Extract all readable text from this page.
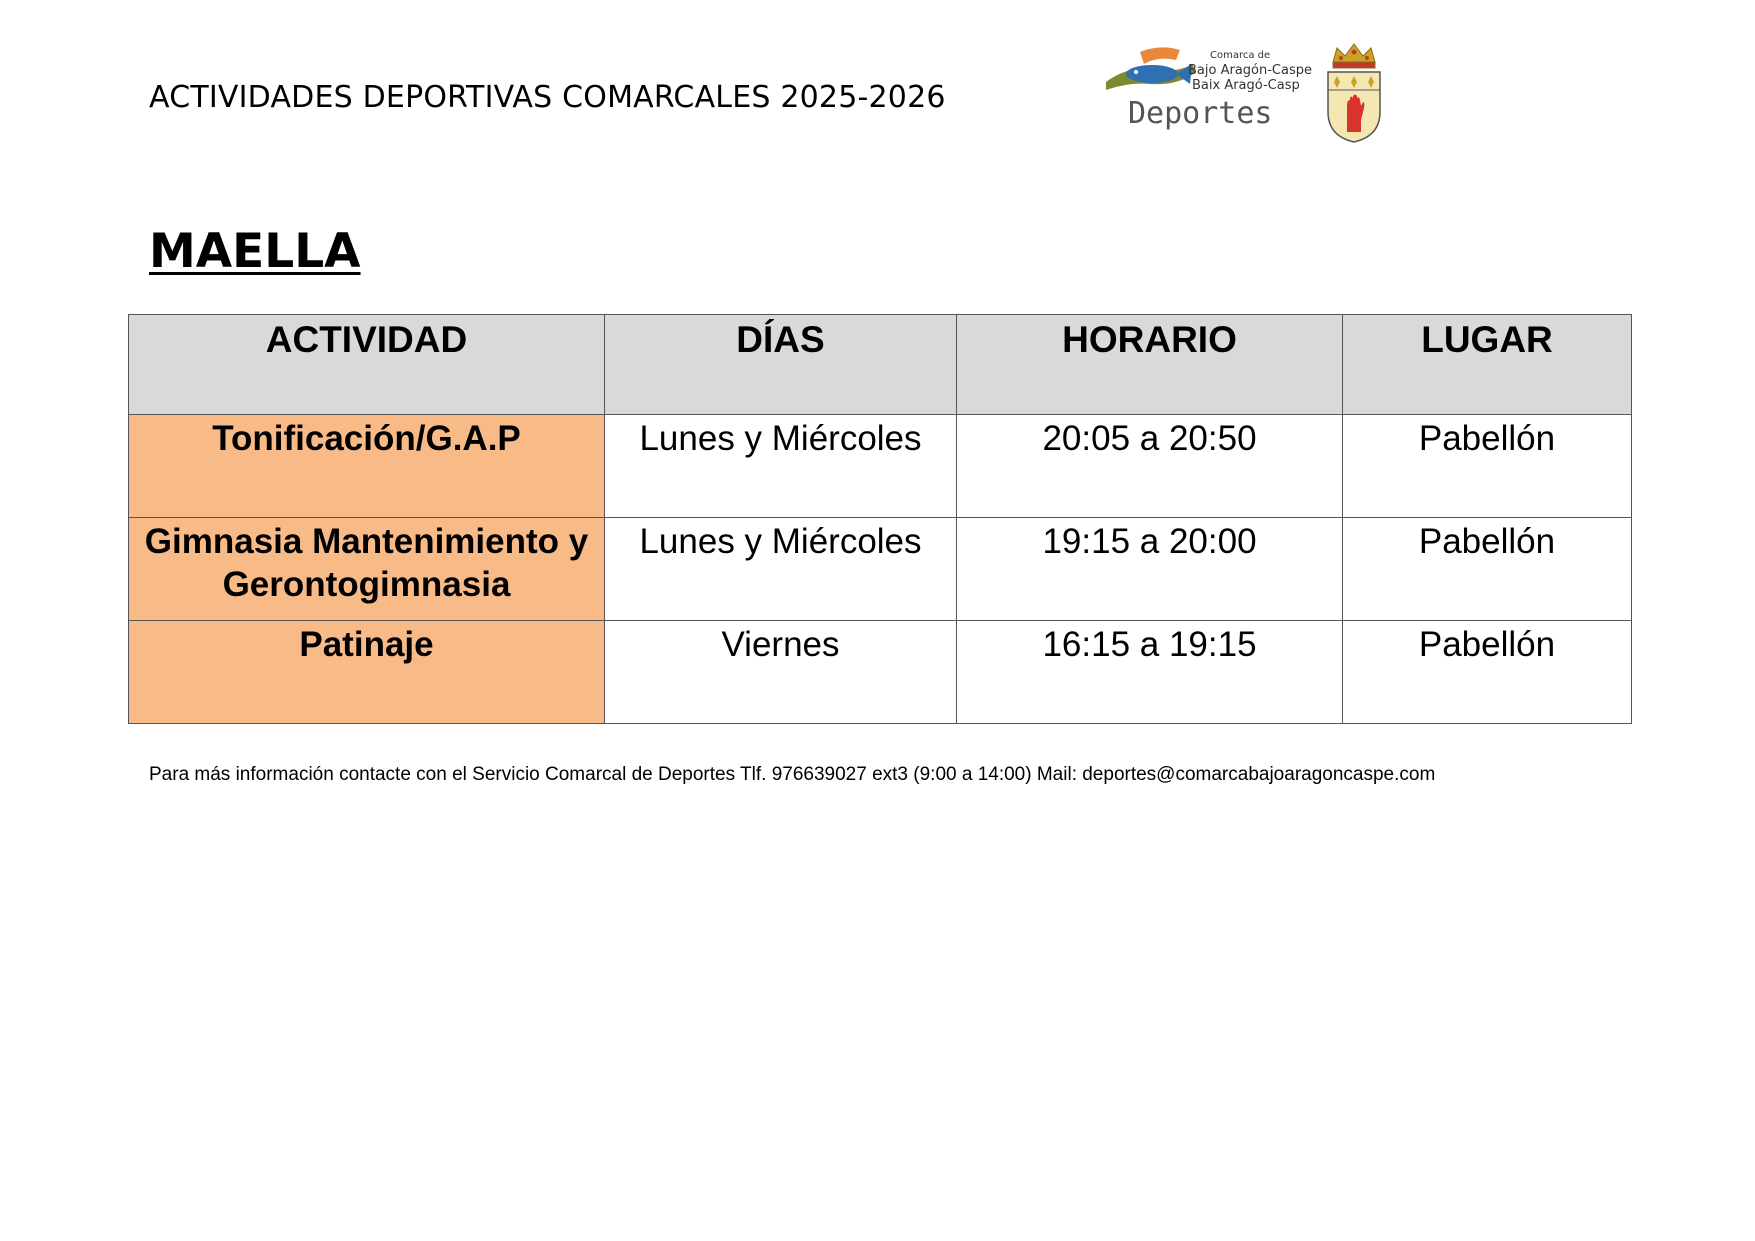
ACTIVIDADES DEPORTIVAS COMARCALES 2025-2026
Comarca de
Bajo Aragón-Caspe
Baix Aragó-Casp
Deportes
MAELLA
ACTIVIDAD	DÍAS	HORARIO	LUGAR
Tonificación/G.A.P	Lunes y Miércoles	20:05 a 20:50	Pabellón
Gimnasia Mantenimiento y Gerontogimnasia	Lunes y Miércoles	19:15 a 20:00	Pabellón
Patinaje	Viernes	16:15 a 19:15	Pabellón
Para más información contacte con el Servicio Comarcal de Deportes Tlf. 976639027 ext3 (9:00 a 14:00) Mail: deportes@comarcabajoaragoncaspe.com
